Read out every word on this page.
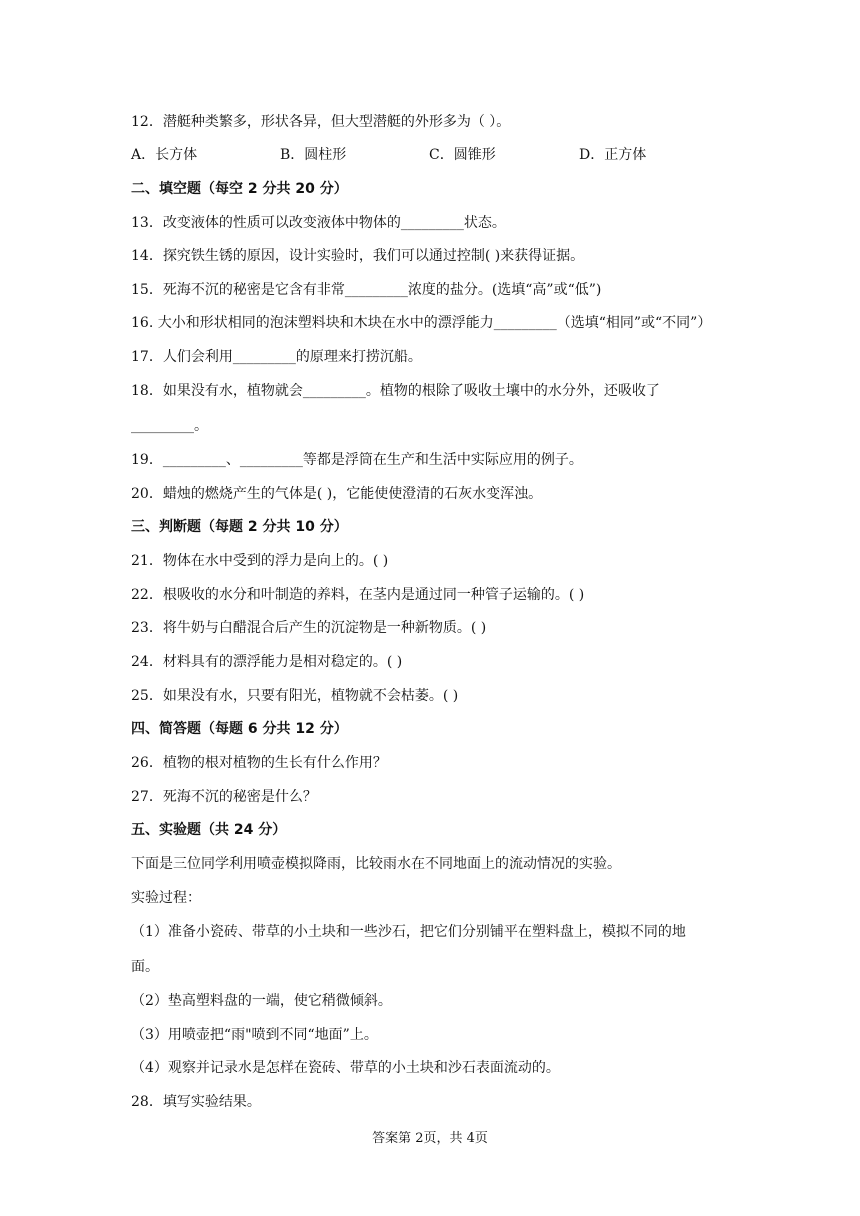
12．潜艇种类繁多，形状各异，但大型潜艇的外形多为（ ）。
A．长方体	B．圆柱形	C．圆锥形	D．正方体
二、填空题（每空 2 分共 20 分）
13．改变液体的性质可以改变液体中物体的_________状态。
14．探究铁生锈的原因，设计实验时，我们可以通过控制( )来获得证据。
15．死海不沉的秘密是它含有非常_________浓度的盐分。(选填“高”或“低”)
16. 大小和形状相同的泡沫塑料块和木块在水中的漂浮能力_________（选填“相同”或“不同”）
17．人们会利用_________的原理来打捞沉船。
18．如果没有水，植物就会_________。植物的根除了吸收土壤中的水分外，还吸收了
_________。
19．_________、_________等都是浮筒在生产和生活中实际应用的例子。
20．蜡烛的燃烧产生的气体是( )，它能使使澄清的石灰水变浑浊。
三、判断题（每题 2 分共 10 分）
21．物体在水中受到的浮力是向上的。( )
22．根吸收的水分和叶制造的养料，在茎内是通过同一种管子运输的。( )
23．将牛奶与白醋混合后产生的沉淀物是一种新物质。( )
24．材料具有的漂浮能力是相对稳定的。( )
25．如果没有水，只要有阳光，植物就不会枯萎。( )
四、简答题（每题 6 分共 12 分）
26．植物的根对植物的生长有什么作用？
27．死海不沉的秘密是什么？
五、实验题（共 24 分）
下面是三位同学利用喷壶模拟降雨，比较雨水在不同地面上的流动情况的实验。
实验过程：
（1）准备小瓷砖、带草的小土块和一些沙石，把它们分别铺平在塑料盘上，模拟不同的地
面。
（2）垫高塑料盘的一端，使它稍微倾斜。
（3）用喷壶把“雨"喷到不同“地面”上。
（4）观察并记录水是怎样在瓷砖、带草的小土块和沙石表面流动的。
28．填写实验结果。
答案第 2页，共 4页
